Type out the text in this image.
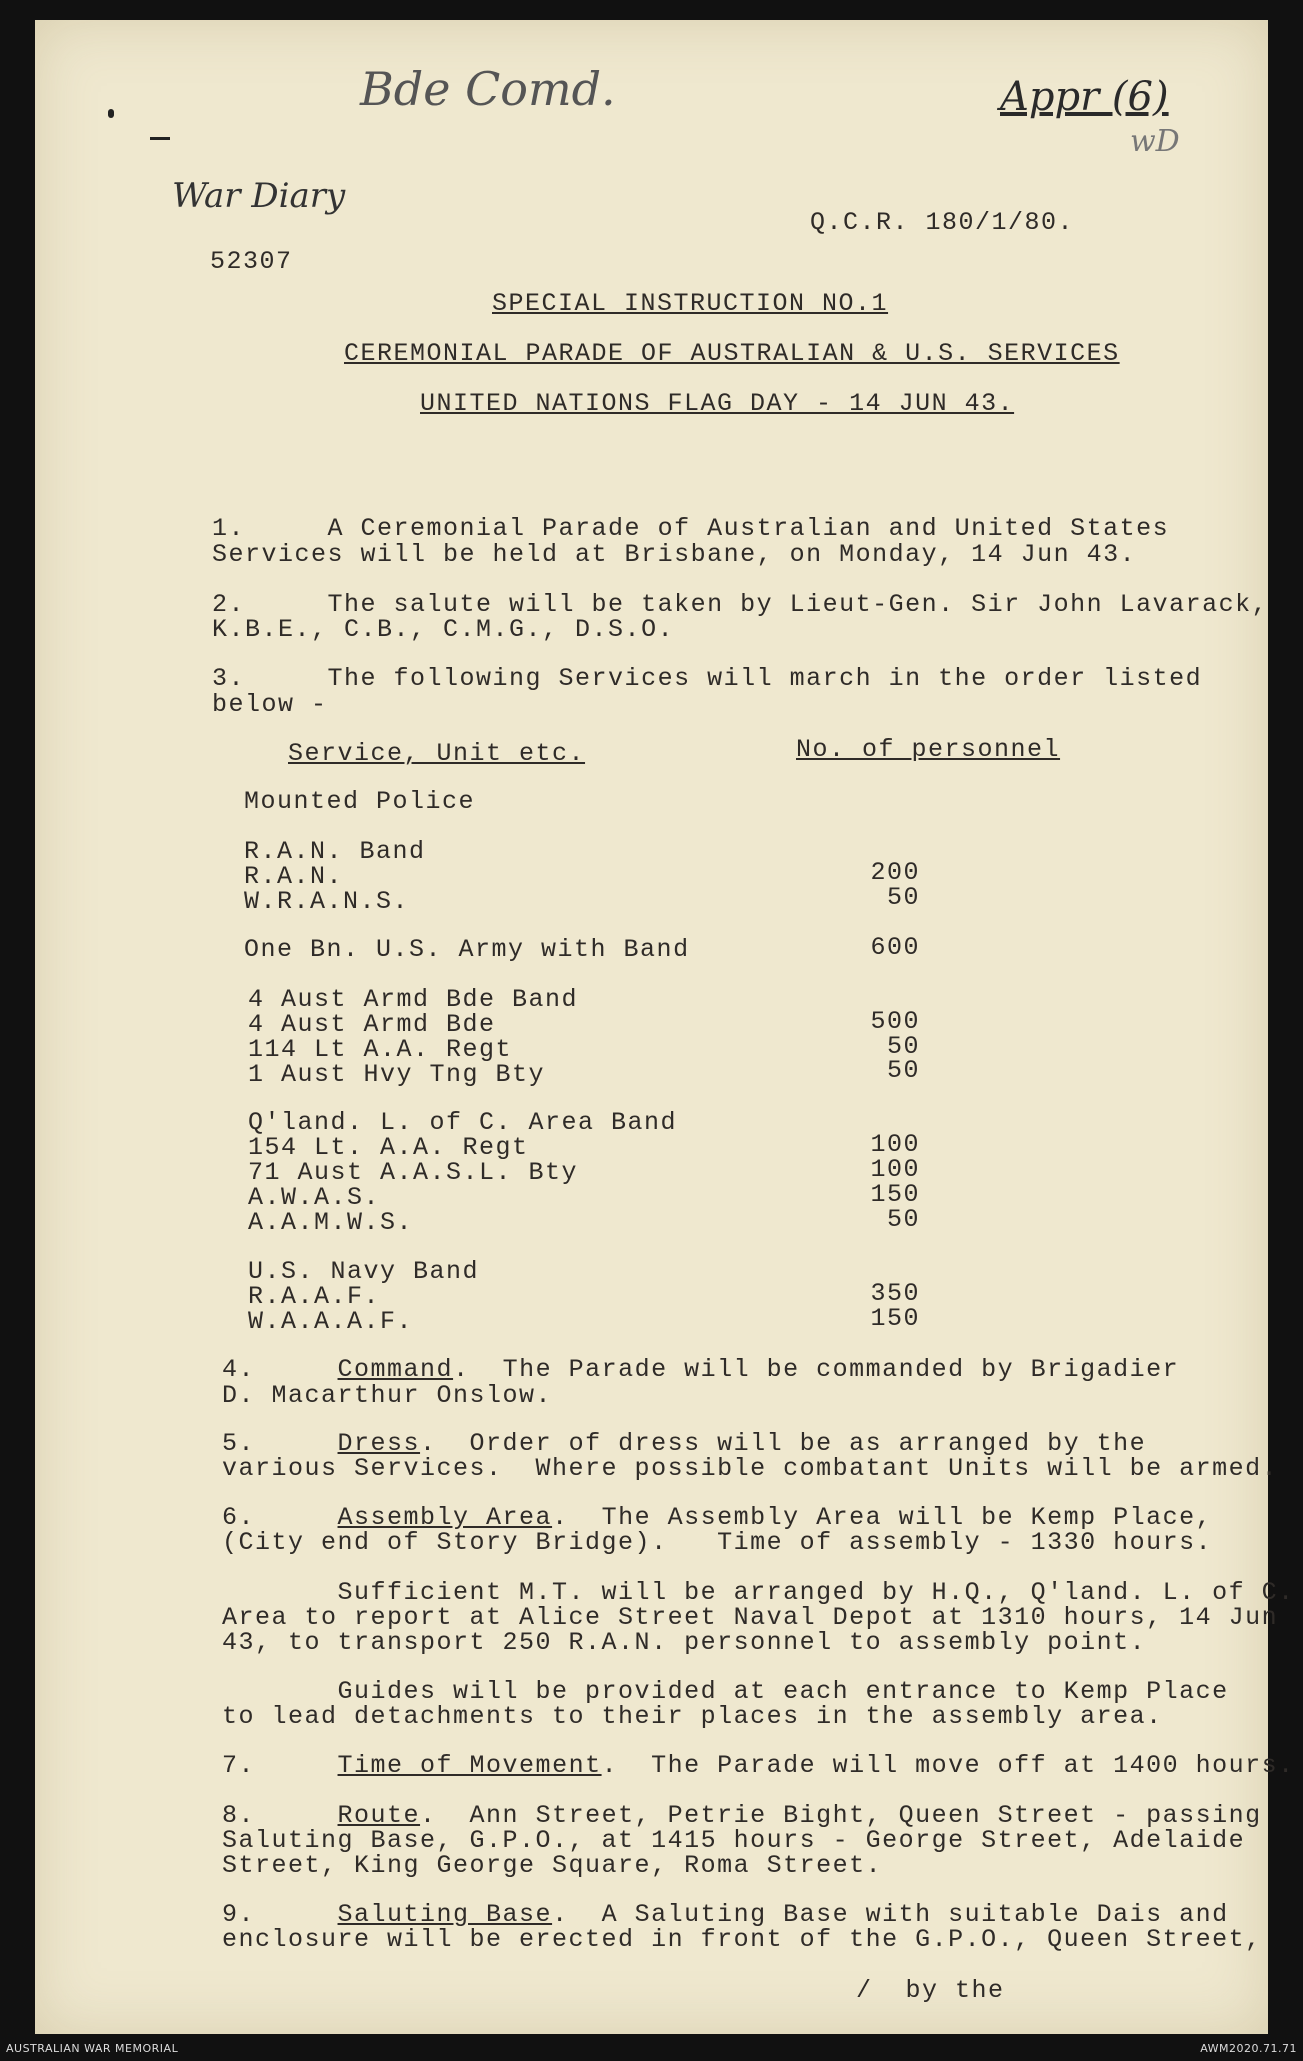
Bde Comd.
War Diary
Appr (6)
wD
Q.C.R. 180/1/80.
52307
SPECIAL INSTRUCTION NO.1
CEREMONIAL PARADE OF AUSTRALIAN & U.S. SERVICES
UNITED NATIONS FLAG DAY - 14 JUN 43.
1.     A Ceremonial Parade of Australian and United States
Services will be held at Brisbane, on Monday, 14 Jun 43.
2.     The salute will be taken by Lieut-Gen. Sir John Lavarack,
K.B.E., C.B., C.M.G., D.S.O.
3.     The following Services will march in the order listed
below -
Service, Unit etc.	No. of personnel
Mounted Police
R.A.N. Band
R.A.N.	200
W.R.A.N.S.	50
One Bn. U.S. Army with Band	600
4 Aust Armd Bde Band
4 Aust Armd Bde	500
114 Lt A.A. Regt	50
1 Aust Hvy Tng Bty	50
Q'land. L. of C. Area Band
154 Lt. A.A. Regt	100
71 Aust A.A.S.L. Bty	100
A.W.A.S.	150
A.A.M.W.S.	50
U.S. Navy Band
R.A.A.F.	350
W.A.A.A.F.	150
4.	Command.  The Parade will be commanded by Brigadier
D. Macarthur Onslow.
5.	Dress.  Order of dress will be as arranged by the
various Services.  Where possible combatant Units will be armed.
6.	Assembly Area.  The Assembly Area will be Kemp Place,
(City end of Story Bridge).   Time of assembly - 1330 hours.
Sufficient M.T. will be arranged by H.Q., Q'land. L. of C.
Area to report at Alice Street Naval Depot at 1310 hours, 14 Jun
43, to transport 250 R.A.N. personnel to assembly point.
Guides will be provided at each entrance to Kemp Place
to lead detachments to their places in the assembly area.
7.	Time of Movement.  The Parade will move off at 1400 hours.
8.	Route.  Ann Street, Petrie Bight, Queen Street - passing
Saluting Base, G.P.O., at 1415 hours - George Street, Adelaide
Street, King George Square, Roma Street.
9.	Saluting Base.  A Saluting Base with suitable Dais and
enclosure will be erected in front of the G.P.O., Queen Street,
/  by the
AUSTRALIAN WAR MEMORIAL	AWM2020.71.71
